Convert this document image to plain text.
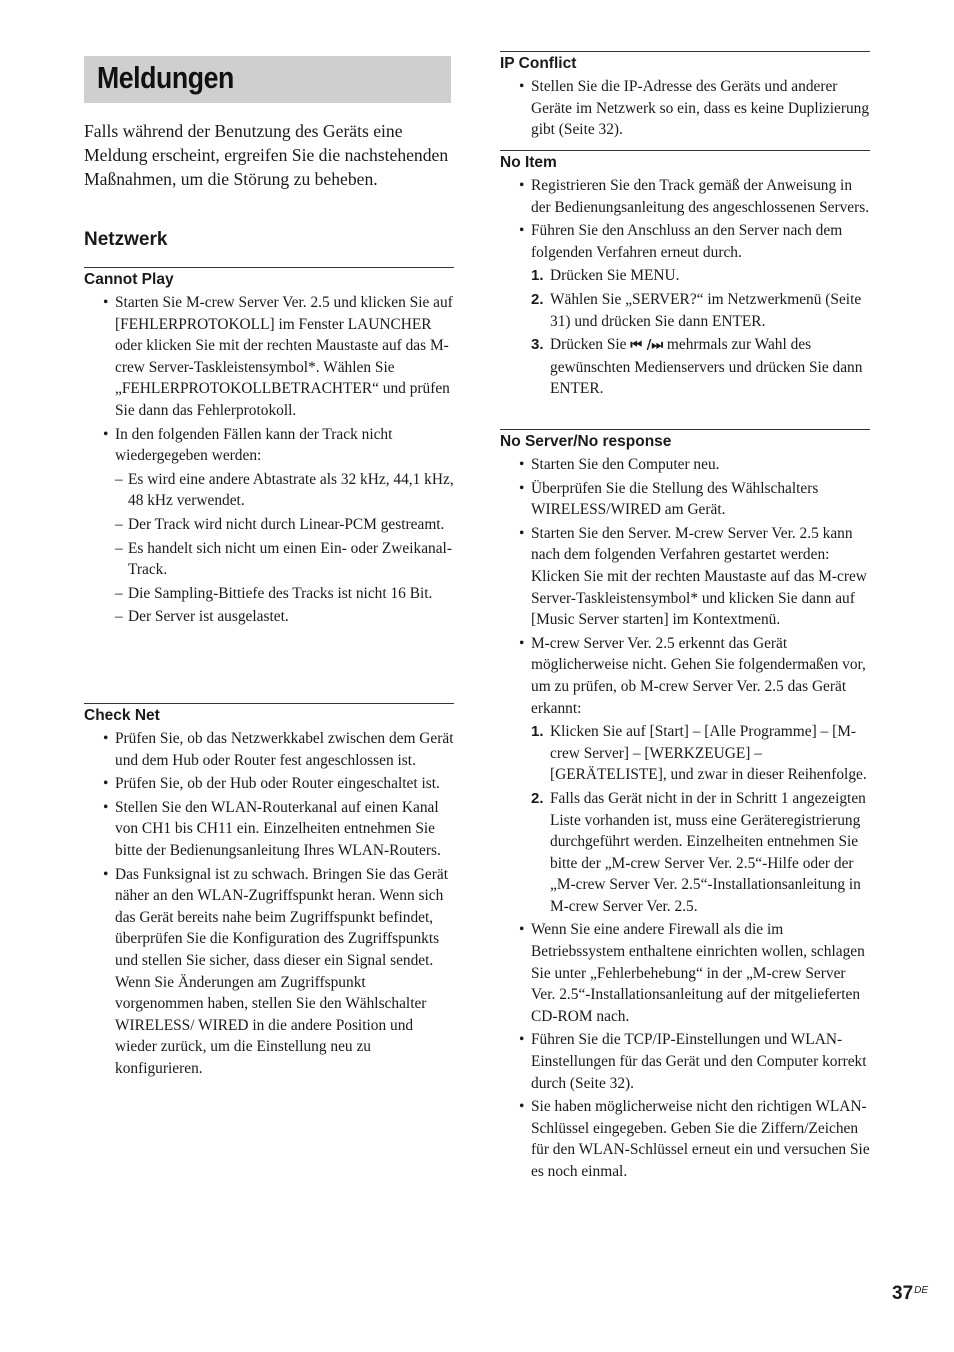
Meldungen
Falls während der Benutzung des Geräts eine Meldung erscheint, ergreifen Sie die nachstehenden Maßnahmen, um die Störung zu beheben.
Netzwerk
Cannot Play
• Starten Sie M-crew Server Ver. 2.5 und klicken Sie auf [FEHLERPROTOKOLL] im Fenster LAUNCHER oder klicken Sie mit der rechten Maustaste auf das M-crew Server-Taskleistensymbol*. Wählen Sie „FEHLERPROTOKOLLBETRACHTER“ und prüfen Sie dann das Fehlerprotokoll.
• In den folgenden Fällen kann der Track nicht wiedergegeben werden:
– Es wird eine andere Abtastrate als 32 kHz, 44,1 kHz, 48 kHz verwendet.
– Der Track wird nicht durch Linear-PCM gestreamt.
– Es handelt sich nicht um einen Ein- oder Zweikanal-Track.
– Die Sampling-Bittiefe des Tracks ist nicht 16 Bit.
– Der Server ist ausgelastet.
Check Net
• Prüfen Sie, ob das Netzwerkkabel zwischen dem Gerät und dem Hub oder Router fest angeschlossen ist.
• Prüfen Sie, ob der Hub oder Router eingeschaltet ist.
• Stellen Sie den WLAN-Routerkanal auf einen Kanal von CH1 bis CH11 ein. Einzelheiten entnehmen Sie bitte der Bedienungsanleitung Ihres WLAN-Routers.
• Das Funksignal ist zu schwach. Bringen Sie das Gerät näher an den WLAN-Zugriffspunkt heran. Wenn sich das Gerät bereits nahe beim Zugriffspunkt befindet, überprüfen Sie die Konfiguration des Zugriffspunkts und stellen Sie sicher, dass dieser ein Signal sendet. Wenn Sie Änderungen am Zugriffspunkt vorgenommen haben, stellen Sie den Wählschalter WIRELESS/ WIRED in die andere Position und wieder zurück, um die Einstellung neu zu konfigurieren.
IP Conflict
• Stellen Sie die IP-Adresse des Geräts und anderer Geräte im Netzwerk so ein, dass es keine Duplizierung gibt (Seite 32).
No Item
• Registrieren Sie den Track gemäß der Anweisung in der Bedienungsanleitung des angeschlossenen Servers.
• Führen Sie den Anschluss an den Server nach dem folgenden Verfahren erneut durch.
1. Drücken Sie MENU.
2. Wählen Sie „SERVER?“ im Netzwerkmenü (Seite 31) und drücken Sie dann ENTER.
3. Drücken Sie ⏮ /⏭ mehrmals zur Wahl des gewünschten Medienservers und drücken Sie dann ENTER.
No Server/No response
• Starten Sie den Computer neu.
• Überprüfen Sie die Stellung des Wählschalters WIRELESS/WIRED am Gerät.
• Starten Sie den Server. M-crew Server Ver. 2.5 kann nach dem folgenden Verfahren gestartet werden:
Klicken Sie mit der rechten Maustaste auf das M-crew Server-Taskleistensymbol* und klicken Sie dann auf [Music Server starten] im Kontextmenü.
• M-crew Server Ver. 2.5 erkennt das Gerät möglicherweise nicht. Gehen Sie folgendermaßen vor, um zu prüfen, ob M-crew Server Ver. 2.5 das Gerät erkannt:
1. Klicken Sie auf [Start] – [Alle Programme] – [M-crew Server] – [WERKZEUGE] – [GERÄTELISTE], und zwar in dieser Reihenfolge.
2. Falls das Gerät nicht in der in Schritt 1 angezeigten Liste vorhanden ist, muss eine Geräteregistrierung durchgeführt werden. Einzelheiten entnehmen Sie bitte der „M-crew Server Ver. 2.5“-Hilfe oder der „M-crew Server Ver. 2.5“-Installationsanleitung in M-crew Server Ver. 2.5.
• Wenn Sie eine andere Firewall als die im Betriebssystem enthaltene einrichten wollen, schlagen Sie unter „Fehlerbehebung“ in der „M-crew Server Ver. 2.5“-Installationsanleitung auf der mitgelieferten CD-ROM nach.
• Führen Sie die TCP/IP-Einstellungen und WLAN-Einstellungen für das Gerät und den Computer korrekt durch (Seite 32).
• Sie haben möglicherweise nicht den richtigen WLAN-Schlüssel eingegeben. Geben Sie die Ziffern/Zeichen für den WLAN-Schlüssel erneut ein und versuchen Sie es noch einmal.
37DE
